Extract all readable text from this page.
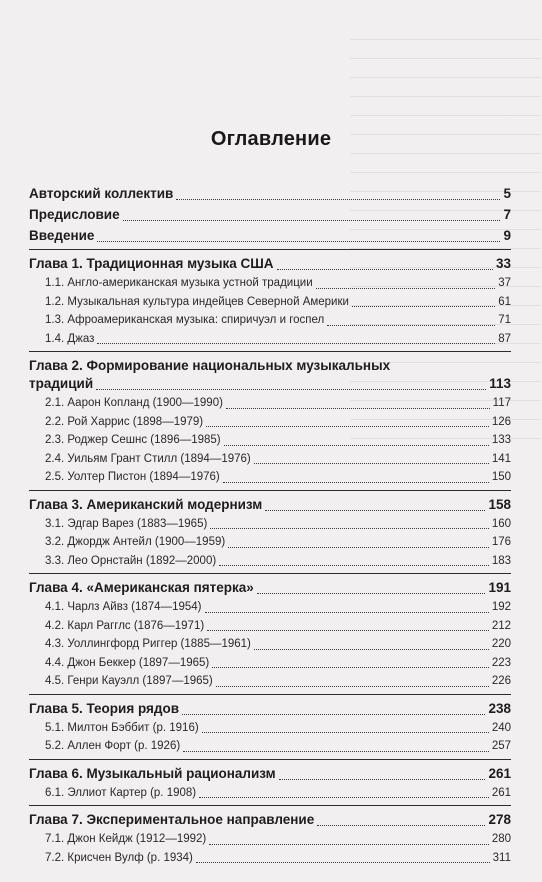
Оглавление
Авторский коллектив	5
Предисловие	7
Введение	9
Глава 1. Традиционная музыка США	33
1.1. Англо-американская музыка устной традиции	37
1.2. Музыкальная культура индейцев Северной Америки	61
1.3. Афроамериканская музыка: спиричуэл и госпел	71
1.4. Джаз	87
Глава 2. Формирование национальных музыкальных
традиций	113
2.1. Аарон Копланд (1900—1990)	117
2.2. Рой Харрис (1898—1979)	126
2.3. Роджер Сешнс (1896—1985)	133
2.4. Уильям Грант Стилл (1894—1976)	141
2.5. Уолтер Пистон (1894—1976)	150
Глава 3. Американский модернизм	158
3.1. Эдгар Варез (1883—1965)	160
3.2. Джордж Антейл (1900—1959)	176
3.3. Лео Орнстайн (1892—2000)	183
Глава 4. «Американская пятерка»	191
4.1. Чарлз Айвз (1874—1954)	192
4.2. Карл Рагглс (1876—1971)	212
4.3. Уоллингфорд Риггер (1885—1961)	220
4.4. Джон Беккер (1897—1965)	223
4.5. Генри Кауэлл (1897—1965)	226
Глава 5. Теория рядов	238
5.1. Милтон Бэббит (р. 1916)	240
5.2. Аллен Форт (р. 1926)	257
Глава 6. Музыкальный рационализм	261
6.1. Эллиот Картер (р. 1908)	261
Глава 7. Экспериментальное направление	278
7.1. Джон Кейдж (1912—1992)	280
7.2. Крисчен Вулф (р. 1934)	311
